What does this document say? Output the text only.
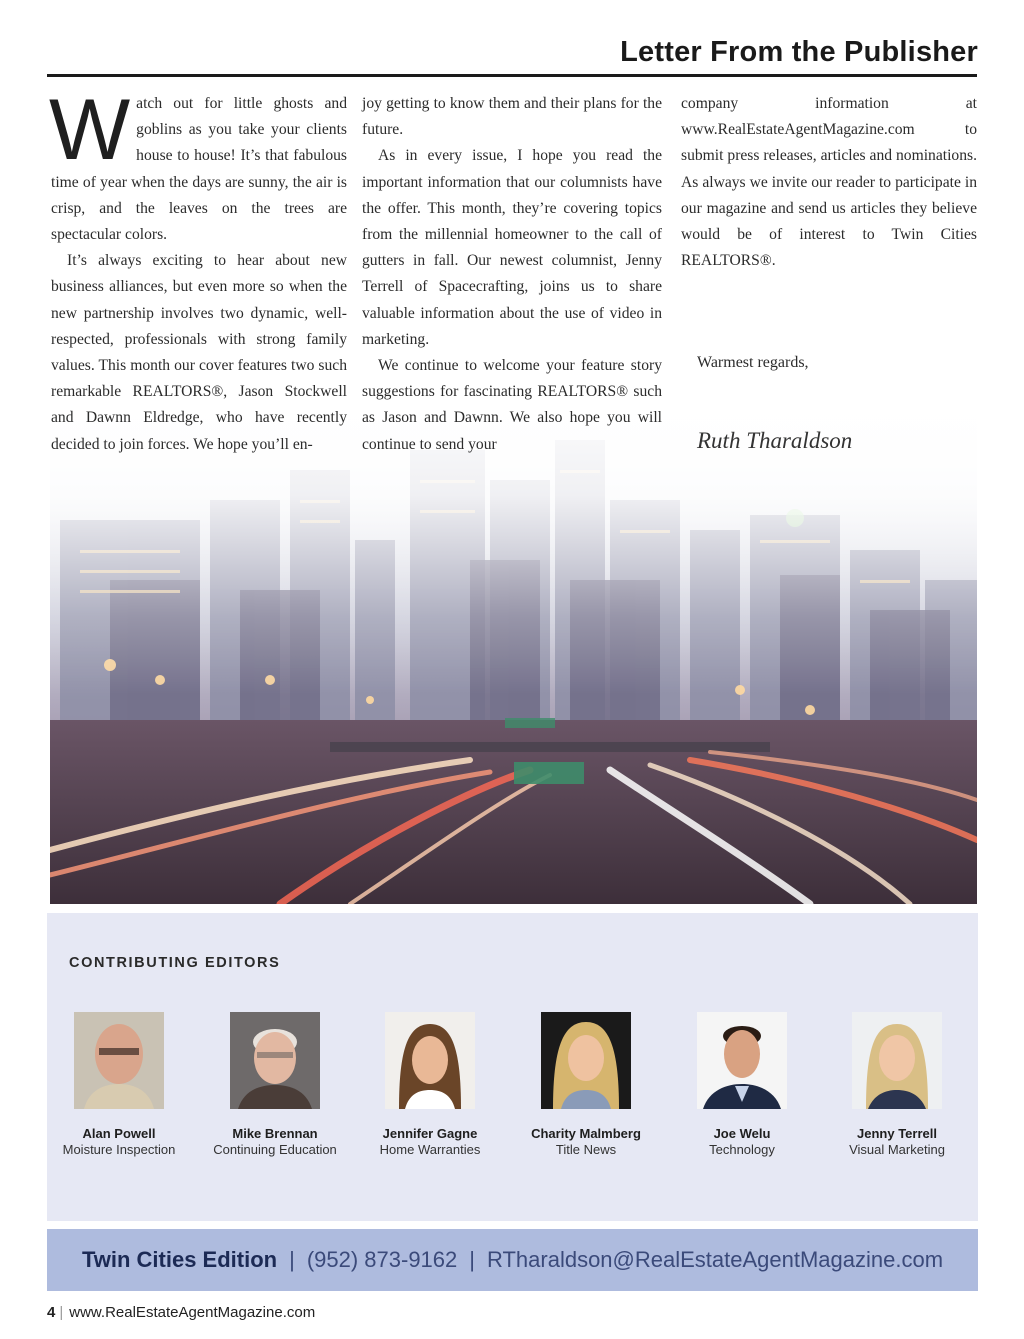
Letter From the Publisher
W atch out for little ghosts and goblins as you take your clients house to house! It’s that fabulous time of year when the days are sunny, the air is crisp, and the leaves on the trees are spectacular colors.

It’s always exciting to hear about new business alliances, but even more so when the new partnership involves two dynamic, well-respected, professionals with strong family values. This month our cover features two such remarkable REALTORS®, Jason Stockwell and Dawnn Eldredge, who have recently decided to join forces. We hope you’ll en-

joy getting to know them and their plans for the future.

As in every issue, I hope you read the important information that our columnists have the offer. This month, they’re covering topics from the millennial homeowner to the call of gutters in fall. Our newest columnist, Jenny Terrell of Spacecrafting, joins us to share valuable information about the use of video in marketing.

We continue to welcome your feature story suggestions for fascinating REALTORS® such as Jason and Dawnn. We also hope you will continue to send your

company information at www.RealEstateAgentMagazine.com to submit press releases, articles and nominations. As always we invite our reader to participate in our magazine and send us articles they believe would be of interest to Twin Cities REALTORS®.

Warmest regards,
Ruth Tharaldson
CONTRIBUTING EDITORS
Alan Powell
Moisture Inspection
Mike Brennan
Continuing Education
Jennifer Gagne
Home Warranties
Charity Malmberg
Title News
Joe Welu
Technology
Jenny Terrell
Visual Marketing
Twin Cities Edition | (952) 873-9162 | RTharaldson@RealEstateAgentMagazine.com
4 | www.RealEstateAgentMagazine.com
